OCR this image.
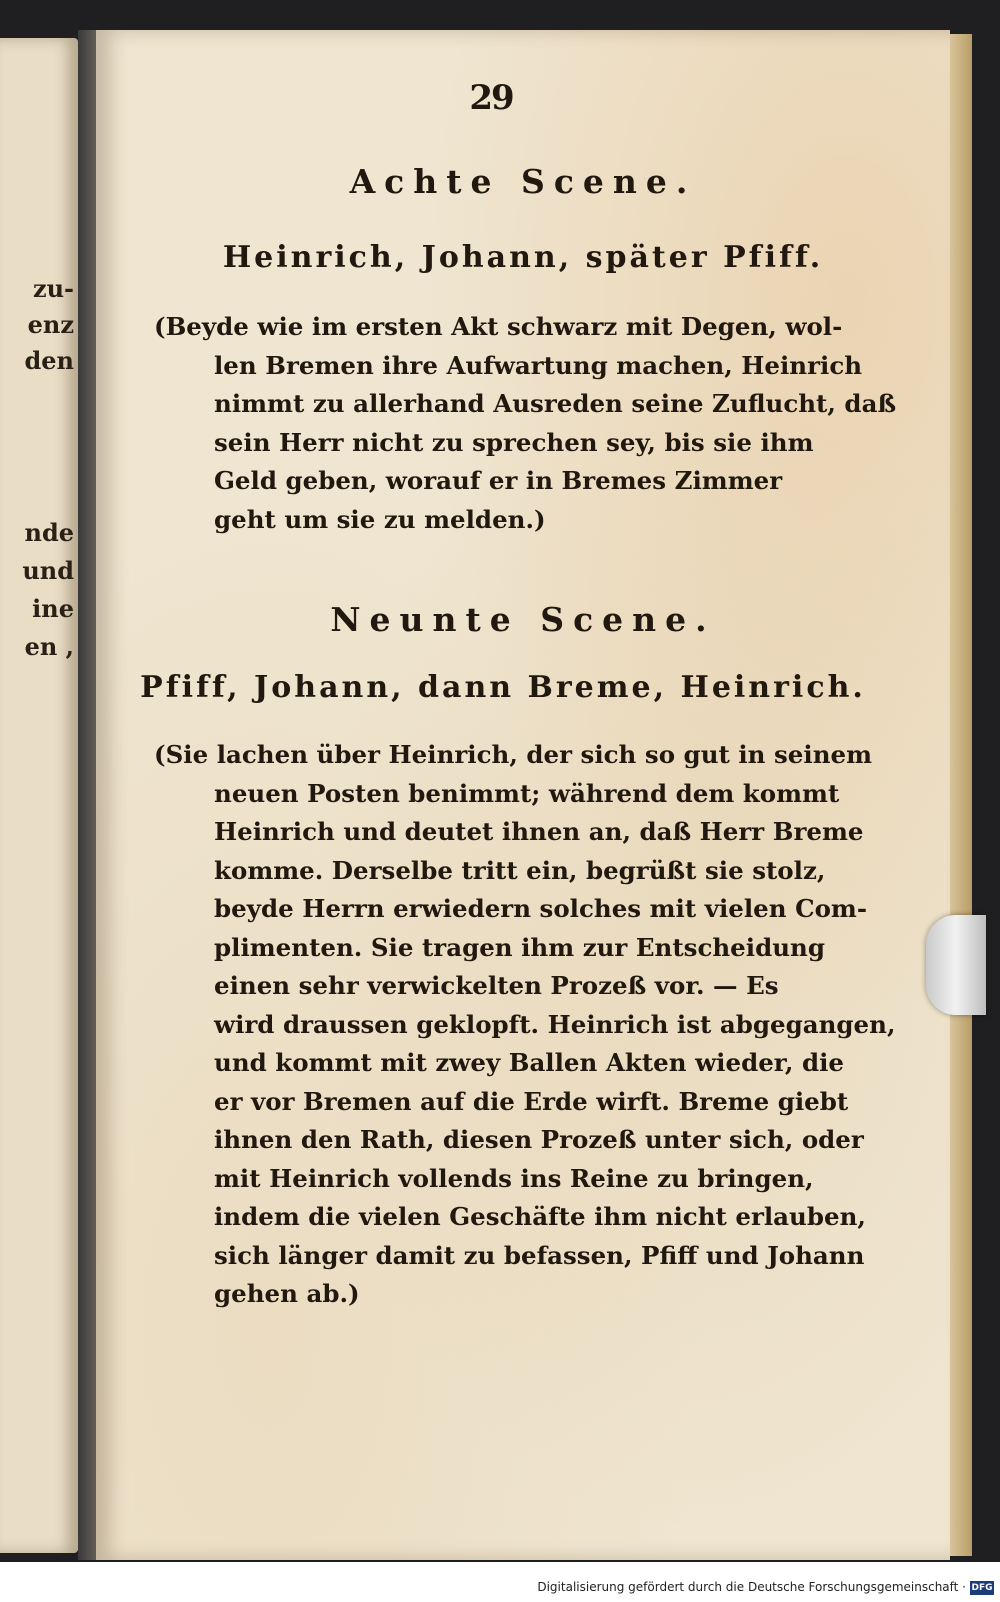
zu-
enz
den
nde
und
ine
en ,
29
Achte Scene.
Heinrich, Johann, später Pfiff.
(Beyde wie im ersten Akt schwarz mit Degen, wol-
len Bremen ihre Aufwartung machen, Heinrich
nimmt zu allerhand Ausreden seine Zuflucht, daß
sein Herr nicht zu sprechen sey, bis sie ihm
Geld geben, worauf er in Bremes Zimmer
geht um sie zu melden.)
Neunte Scene.
Pfiff, Johann, dann Breme, Heinrich.
(Sie lachen über Heinrich, der sich so gut in seinem
neuen Posten benimmt; während dem kommt
Heinrich und deutet ihnen an, daß Herr Breme
komme. Derselbe tritt ein, begrüßt sie stolz,
beyde Herrn erwiedern solches mit vielen Com-
plimenten. Sie tragen ihm zur Entscheidung
einen sehr verwickelten Prozeß vor. — Es
wird draussen geklopft. Heinrich ist abgegangen,
und kommt mit zwey Ballen Akten wieder, die
er vor Bremen auf die Erde wirft. Breme giebt
ihnen den Rath, diesen Prozeß unter sich, oder
mit Heinrich vollends ins Reine zu bringen,
indem die vielen Geschäfte ihm nicht erlauben,
sich länger damit zu befassen, Pfiff und Johann
gehen ab.)
Digitalisierung gefördert durch die Deutsche Forschungsgemeinschaft · DFG
